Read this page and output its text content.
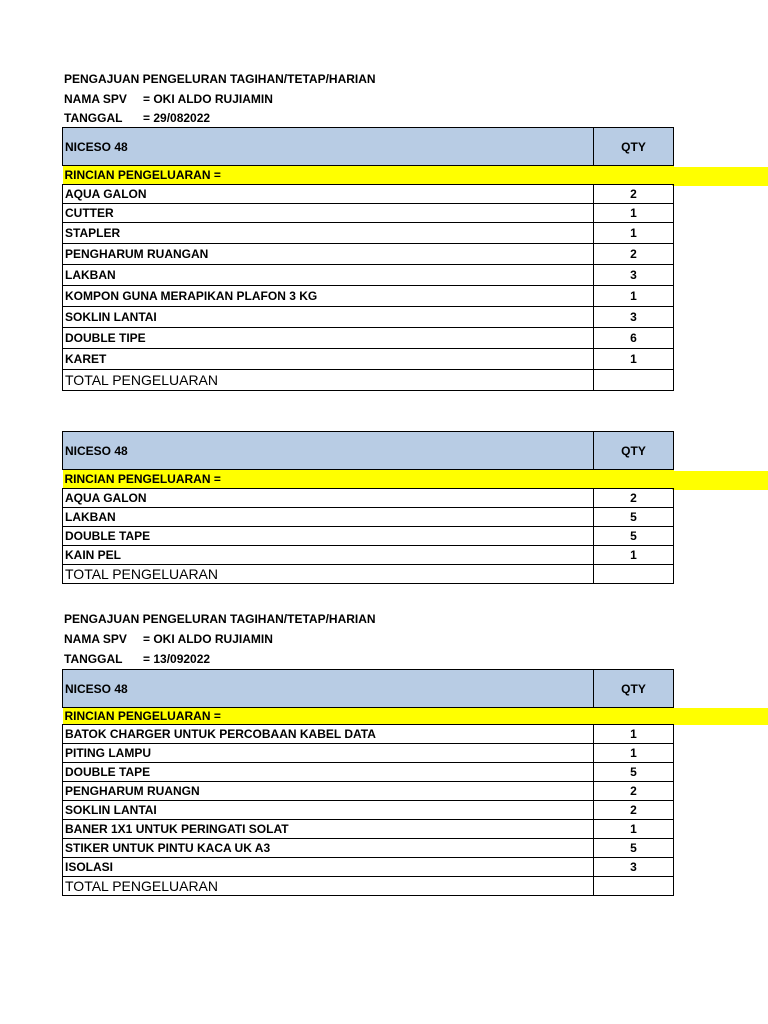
PENGAJUAN PENGELURAN TAGIHAN/TETAP/HARIAN
NAMA SPV = OKI ALDO RUJIAMIN
TANGGAL = 29/082022
NICESO 48	QTY
RINCIAN PENGELUARAN =	
AQUA GALON	2
CUTTER	1
STAPLER	1
PENGHARUM RUANGAN	2
LAKBAN	3
KOMPON GUNA MERAPIKAN PLAFON 3 KG	1
SOKLIN LANTAI	3
DOUBLE TIPE	6
KARET	1
TOTAL PENGELUARAN	
NICESO 48	QTY
RINCIAN PENGELUARAN =	
AQUA GALON	2
LAKBAN	5
DOUBLE TAPE	5
KAIN PEL	1
TOTAL PENGELUARAN	
PENGAJUAN PENGELURAN TAGIHAN/TETAP/HARIAN
NAMA SPV = OKI ALDO RUJIAMIN
TANGGAL = 13/092022
NICESO 48	QTY
RINCIAN PENGELUARAN =	
BATOK CHARGER UNTUK PERCOBAAN KABEL DATA	1
PITING LAMPU	1
DOUBLE TAPE	5
PENGHARUM RUANGN	2
SOKLIN LANTAI	2
BANER 1X1 UNTUK PERINGATI SOLAT	1
STIKER UNTUK PINTU KACA UK A3	5
ISOLASI	3
TOTAL PENGELUARAN	
